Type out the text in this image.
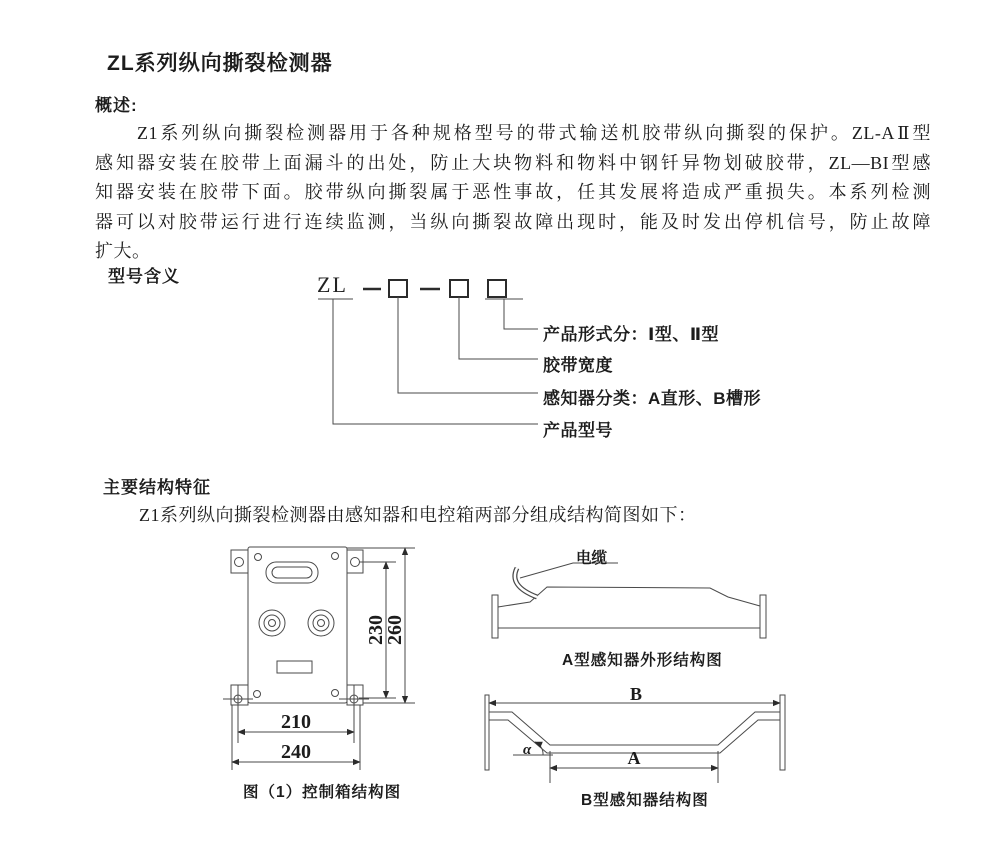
ZL系列纵向撕裂检测器
概述:
Z1系列纵向撕裂检测器用于各种规格型号的带式输送机胶带纵向撕裂的保护。ZL-AⅡ型
感知器安装在胶带上面漏斗的出处，防止大块物料和物料中钢钎异物划破胶带，ZL—BI型感
知器安装在胶带下面。胶带纵向撕裂属于恶性事故，任其发展将造成严重损失。本系列检测
器可以对胶带运行进行连续监测，当纵向撕裂故障出现时，能及时发出停机信号，防止故障
扩大。
型号含义	ZL
产品形式分：Ⅰ型、Ⅱ型
胶带宽度
感知器分类：A直形、B槽形
产品型号
主要结构特征
Z1系列纵向撕裂检测器由感知器和电控箱两部分组成结构简图如下：
230
260
210
240
图（1）控制箱结构图
电缆
A型感知器外形结构图
B
α	A
B型感知器结构图
